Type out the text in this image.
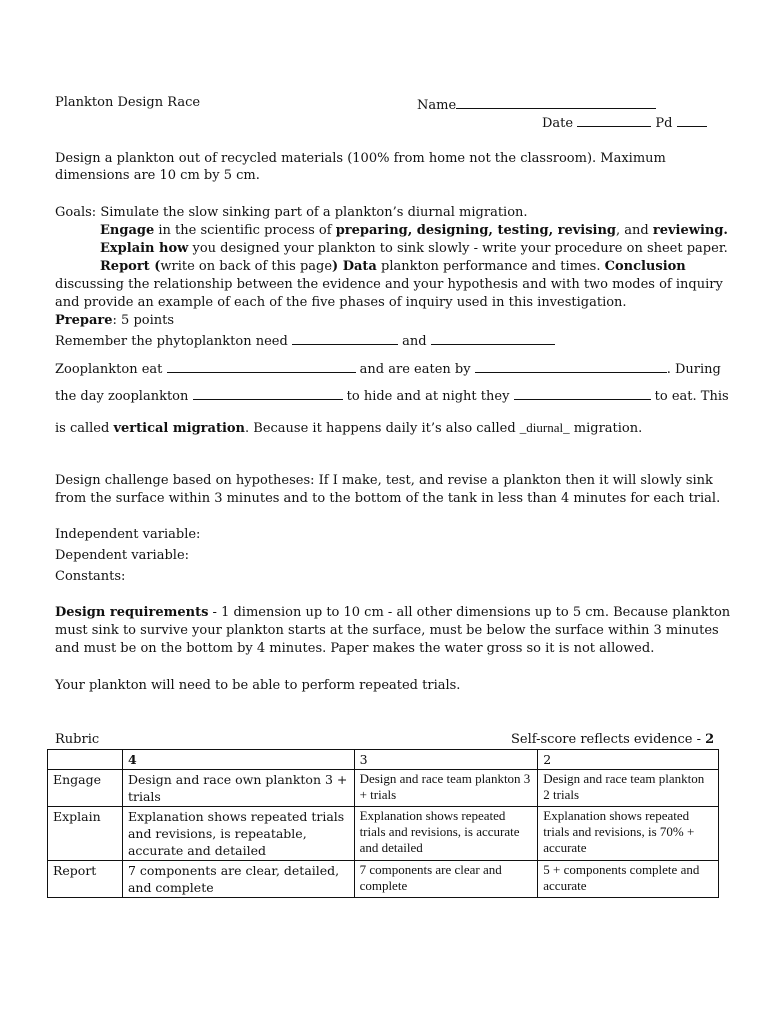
Plankton Design Race	Name
Date	Pd
Design a plankton out of recycled materials (100% from home not the classroom). Maximum
dimensions are 10 cm by 5 cm.
Goals: Simulate the slow sinking part of a plankton’s diurnal migration.
Engage in the scientific process of preparing, designing, testing, revising, and reviewing.
Explain how you designed your plankton to sink slowly - write your procedure on sheet paper.
Report (write on back of this page) Data plankton performance and times. Conclusion
discussing the relationship between the evidence and your hypothesis and with two modes of inquiry
and provide an example of each of the five phases of inquiry used in this investigation.
Prepare: 5 points
Remember the phytoplankton need	and
Zooplankton eat	and are eaten by	. During
the day zooplankton	to hide and at night they	to eat. This
is called vertical migration. Because it happens daily it’s also called _diurnal_ migration.
Design challenge based on hypotheses: If I make, test, and revise a plankton then it will slowly sink
from the surface within 3 minutes and to the bottom of the tank in less than 4 minutes for each trial.
Independent variable:
Dependent variable:
Constants:
Design requirements - 1 dimension up to 10 cm - all other dimensions up to 5 cm. Because plankton
must sink to survive your plankton starts at the surface, must be below the surface within 3 minutes
and must be on the bottom by 4 minutes. Paper makes the water gross so it is not allowed.
Your plankton will need to be able to perform repeated trials.
Rubric	Self-score reflects evidence - 2
	4	3	2
Engage	Design and race own plankton 3 + trials	Design and race team plankton 3 + trials	Design and race team plankton 2 trials
Explain	Explanation shows repeated trials and revisions, is repeatable, accurate and detailed	Explanation shows repeated trials and revisions, is accurate and detailed	Explanation shows repeated trials and revisions, is 70% + accurate
Report	7 components are clear, detailed, and complete	7 components are clear and complete	5 + components complete and accurate
